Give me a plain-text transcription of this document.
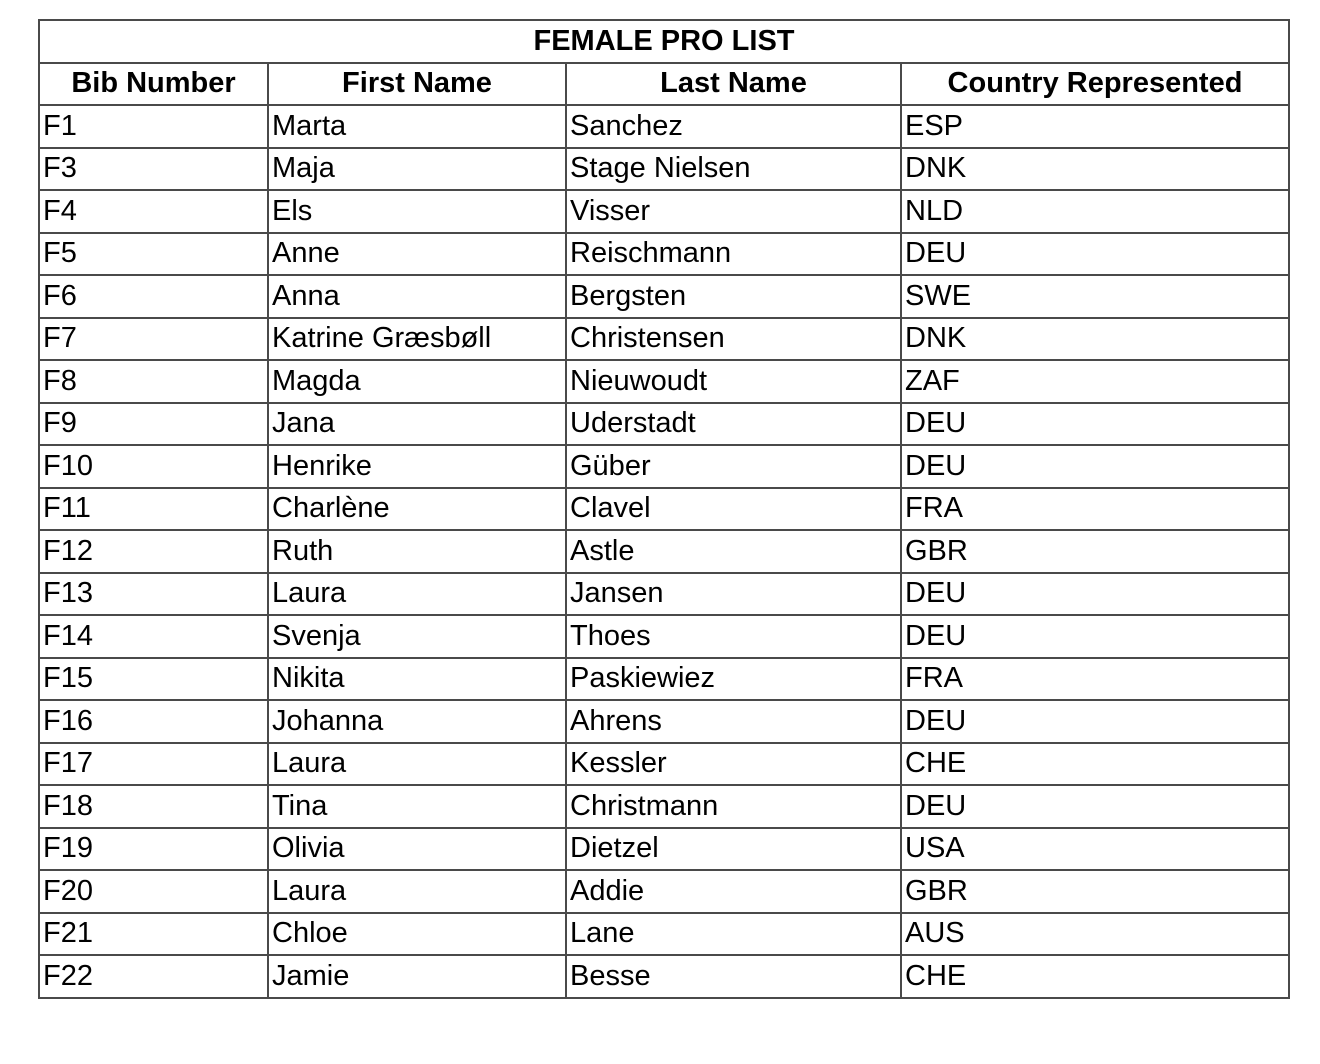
FEMALE PRO LIST			
Bib Number	First Name	Last Name	Country Represented
F1	Marta	Sanchez	ESP
F3	Maja	Stage Nielsen	DNK
F4	Els	Visser	NLD
F5	Anne	Reischmann	DEU
F6	Anna	Bergsten	SWE
F7	Katrine Græsbøll	Christensen	DNK
F8	Magda	Nieuwoudt	ZAF
F9	Jana	Uderstadt	DEU
F10	Henrike	Güber	DEU
F11	Charlène	Clavel	FRA
F12	Ruth	Astle	GBR
F13	Laura	Jansen	DEU
F14	Svenja	Thoes	DEU
F15	Nikita	Paskiewiez	FRA
F16	Johanna	Ahrens	DEU
F17	Laura	Kessler	CHE
F18	Tina	Christmann	DEU
F19	Olivia	Dietzel	USA
F20	Laura	Addie	GBR
F21	Chloe	Lane	AUS
F22	Jamie	Besse	CHE
